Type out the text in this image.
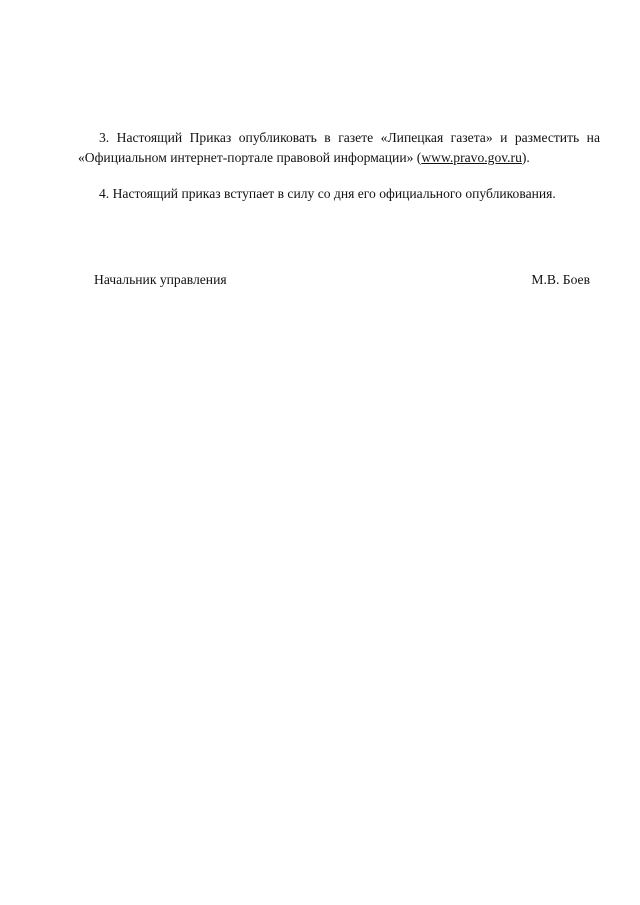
3. Настоящий Приказ опубликовать в газете «Липецкая газета» и разместить на «Официальном интернет-портале правовой информации» (www.pravo.gov.ru).
4. Настоящий приказ вступает в силу со дня его официального опубликования.
Начальник управления	М.В. Боев
